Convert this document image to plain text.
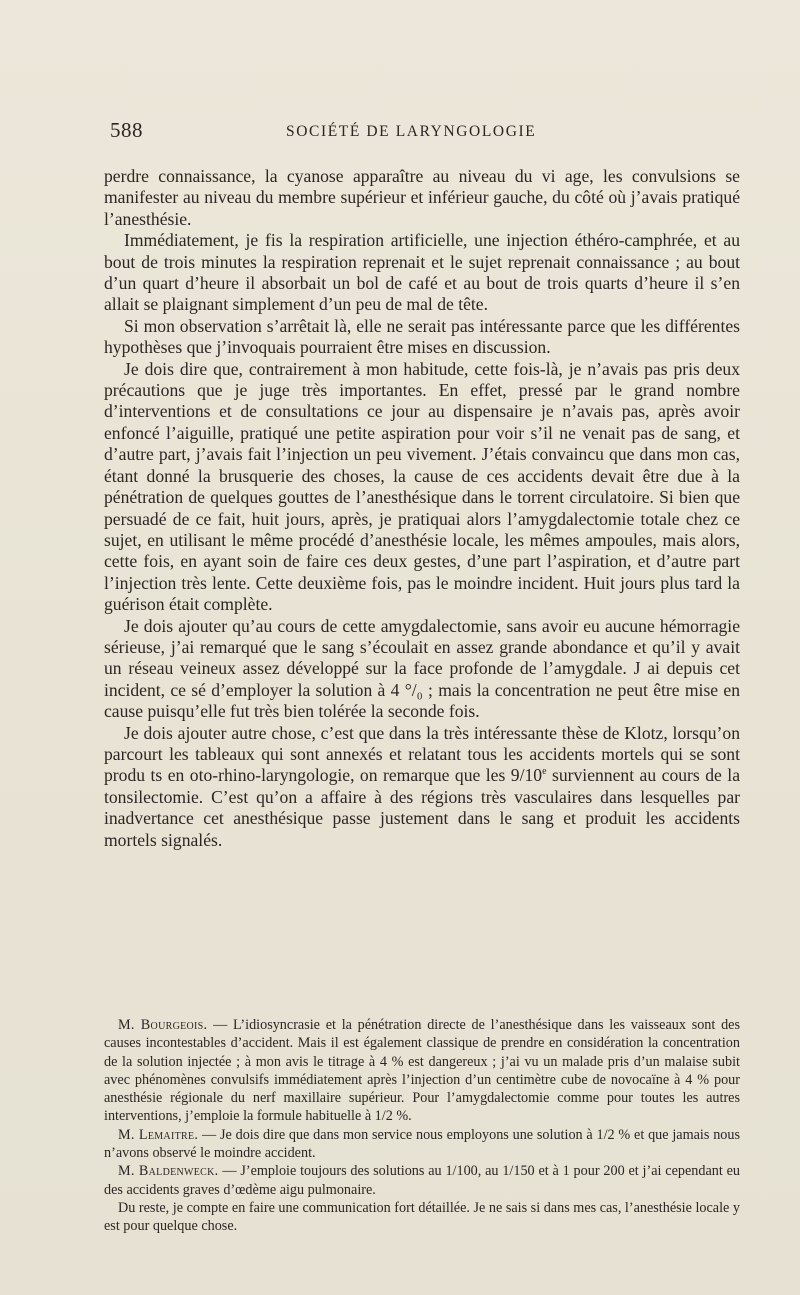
588	SOCIÉTÉ DE LARYNGOLOGIE

perdre connaissance, la cyanose apparaître au niveau du vi age, les convulsions se manifester au niveau du membre supérieur et inférieur gauche, du côté où j’avais pratiqué l’anesthésie.

Immédiatement, je fis la respiration artificielle, une injection éthéro-camphrée, et au bout de trois minutes la respiration reprenait et le sujet reprenait connaissance ; au bout d’un quart d’heure il absorbait un bol de café et au bout de trois quarts d’heure il s’en allait se plaignant simplement d’un peu de mal de tête.

Si mon observation s’arrêtait là, elle ne serait pas intéressante parce que les différentes hypothèses que j’invoquais pourraient être mises en discussion.

Je dois dire que, contrairement à mon habitude, cette fois-là, je n’avais pas pris deux précautions que je juge très importantes. En effet, pressé par le grand nombre d’interventions et de consultations ce jour au dispensaire je n’avais pas, après avoir enfoncé l’aiguille, pratiqué une petite aspiration pour voir s’il ne venait pas de sang, et d’autre part, j’avais fait l’injection un peu vivement. J’étais convaincu que dans mon cas, étant donné la brusquerie des choses, la cause de ces accidents devait être due à la pénétration de quelques gouttes de l’anesthésique dans le torrent circulatoire. Si bien que persuadé de ce fait, huit jours, après, je pratiquai alors l’amygdalectomie totale chez ce sujet, en utilisant le même procédé d’anesthésie locale, les mêmes ampoules, mais alors, cette fois, en ayant soin de faire ces deux gestes, d’une part l’aspiration, et d’autre part l’injection très lente. Cette deuxième fois, pas le moindre incident. Huit jours plus tard la guérison était complète.

Je dois ajouter qu’au cours de cette amygdalectomie, sans avoir eu aucune hémorragie sérieuse, j’ai remarqué que le sang s’écoulait en assez grande abondance et qu’il y avait un réseau veineux assez développé sur la face profonde de l’amygdale. J ai depuis cet incident, ce sé d’employer la solution à 4 °/₀ ; mais la concentration ne peut être mise en cause puisqu’elle fut très bien tolérée la seconde fois.

Je dois ajouter autre chose, c’est que dans la très intéressante thèse de Klotz, lorsqu’on parcourt les tableaux qui sont annexés et relatant tous les accidents mortels qui se sont produ ts en oto-rhino-laryngologie, on remarque que les 9/10e surviennent au cours de la tonsilectomie. C’est qu’on a affaire à des régions très vasculaires dans lesquelles par inadvertance cet anesthésique passe justement dans le sang et produit les accidents mortels signalés.

M. Bourgeois. — L’idiosyncrasie et la pénétration directe de l’anesthésique dans les vaisseaux sont des causes incontestables d’accident. Mais il est également classique de prendre en considération la concentration de la solution injectée ; à mon avis le titrage à 4 % est dangereux ; j’ai vu un malade pris d’un malaise subit avec phénomènes convulsifs immédiatement après l’injection d’un centimètre cube de novocaïne à 4 % pour anesthésie régionale du nerf maxillaire supérieur. Pour l’amygdalectomie comme pour toutes les autres interventions, j’emploie la formule habituelle à 1/2 %.

M. Lemaitre. — Je dois dire que dans mon service nous employons une solution à 1/2 % et que jamais nous n’avons observé le moindre accident.

M. Baldenweck. — J’emploie toujours des solutions au 1/100, au 1/150 et à 1 pour 200 et j’ai cependant eu des accidents graves d’œdème aigu pulmonaire.

Du reste, je compte en faire une communication fort détaillée. Je ne sais si dans mes cas, l’anesthésie locale y est pour quelque chose.
